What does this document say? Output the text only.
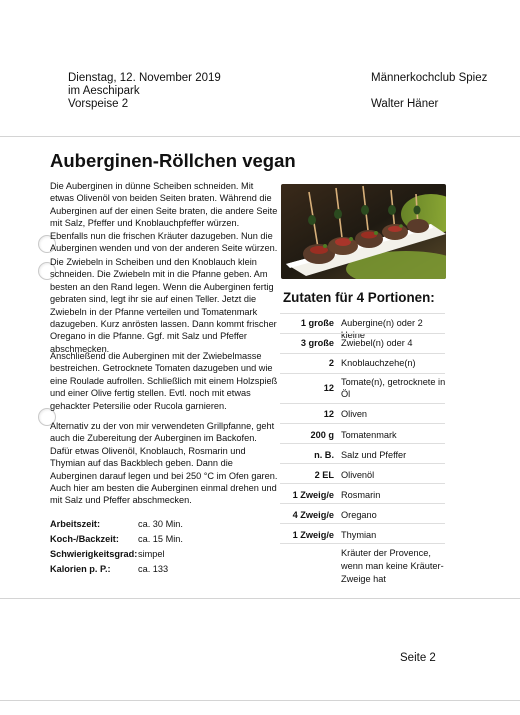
Dienstag, 12. November 2019
im Aeschipark
Vorspeise 2
Männerkochclub Spiez
Walter Häner
Auberginen-Röllchen vegan

Die Auberginen in dünne Scheiben schneiden. Mit etwas Olivenöl von beiden Seiten braten. Während die Auberginen auf der einen Seite braten, die andere Seite mit Salz, Pfeffer und Knoblauchpfeffer würzen. Ebenfalls nun die frischen Kräuter dazugeben. Nun die Auberginen wenden und von der anderen Seite würzen.

Die Zwiebeln in Scheiben und den Knoblauch klein schneiden. Die Zwiebeln mit in die Pfanne geben. Am besten an den Rand legen. Wenn die Auberginen fertig gebraten sind, legt ihr sie auf einen Teller. Jetzt die Zwiebeln in der Pfanne verteilen und Tomatenmark dazugeben. Kurz anrösten lassen. Dann kommt frischer Oregano in die Pfanne. Ggf. mit Salz und Pfeffer abschmecken.

Anschließend die Auberginen mit der Zwiebelmasse bestreichen. Getrocknete Tomaten dazugeben und wie eine Roulade aufrollen. Schließlich mit einem Holzspieß und einer Olive fertig stellen. Evtl. noch mit etwas gehackter Petersilie oder Rucola garnieren.

Alternativ zu der von mir verwendeten Grillpfanne, geht auch die Zubereitung der Auberginen im Backofen. Dafür etwas Olivenöl, Knoblauch, Rosmarin und Thymian auf das Backblech geben. Dann die Auberginen darauf legen und bei 250 °C im Ofen garen. Auch hier am besten die Auberginen einmal drehen und mit Salz und Pfeffer abschmecken.

Arbeitszeit:	ca. 30 Min.
Koch-/Backzeit: ca. 15 Min.
Schwierigkeitsgrad: simpel
Kalorien p. P.:	ca. 133
Zutaten für 4 Portionen:
1 große Aubergine(n) oder 2 kleine
3 große Zwiebel(n) oder 4
2 Knoblauchzehe(n)
12
Tomate(n), getrocknete in Öl
12 Oliven
200 g Tomatenmark
n. B. Salz und Pfeffer
2 EL Olivenöl
1 Zweig/e Rosmarin
4 Zweig/e Oregano
1 Zweig/e Thymian
Kräuter der Provence, wenn man keine Kräuter-Zweige hat
Seite 2
